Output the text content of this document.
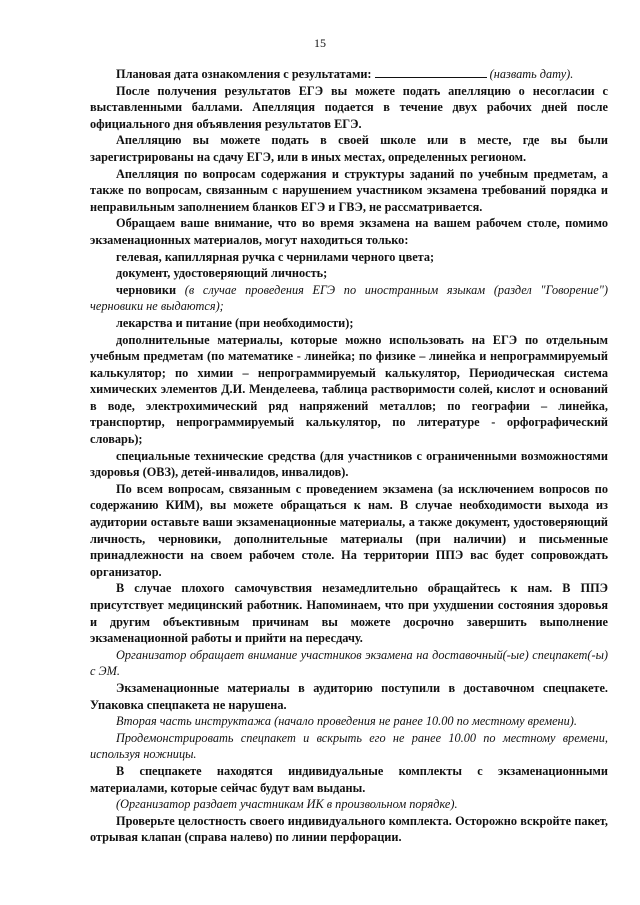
15

Плановая дата ознакомления с результатами:	(назвать дату).

После получения результатов ЕГЭ вы можете подать апелляцию о несогласии с выставленными баллами. Апелляция подается в течение двух рабочих дней после официального дня объявления результатов ЕГЭ.

Апелляцию вы можете подать в своей школе или в месте, где вы были зарегистрированы на сдачу ЕГЭ, или в иных местах, определенных регионом.

Апелляция по вопросам содержания и структуры заданий по учебным предметам, а также по вопросам, связанным с нарушением участником экзамена требований порядка и неправильным заполнением бланков ЕГЭ и ГВЭ, не рассматривается.

Обращаем ваше внимание, что во время экзамена на вашем рабочем столе, помимо экзаменационных материалов, могут находиться только:

гелевая, капиллярная ручка с чернилами черного цвета;

документ, удостоверяющий личность;

черновики (в случае проведения ЕГЭ по иностранным языкам (раздел "Говорение") черновики не выдаются);

лекарства и питание (при необходимости);

дополнительные материалы, которые можно использовать на ЕГЭ по отдельным учебным предметам (по математике - линейка; по физике – линейка и непрограммируемый калькулятор; по химии – непрограммируемый калькулятор, Периодическая система химических элементов Д.И. Менделеева, таблица растворимости солей, кислот и оснований в воде, электрохимический ряд напряжений металлов; по географии – линейка, транспортир, непрограммируемый калькулятор, по литературе - орфографический словарь);

специальные технические средства (для участников с ограниченными возможностями здоровья (ОВЗ), детей-инвалидов, инвалидов).

По всем вопросам, связанным с проведением экзамена (за исключением вопросов по содержанию КИМ), вы можете обращаться к нам. В случае необходимости выхода из аудитории оставьте ваши экзаменационные материалы, а также документ, удостоверяющий личность, черновики, дополнительные материалы (при наличии) и письменные принадлежности на своем рабочем столе. На территории ППЭ вас будет сопровождать организатор.

В случае плохого самочувствия незамедлительно обращайтесь к нам. В ППЭ присутствует медицинский работник. Напоминаем, что при ухудшении состояния здоровья и другим объективным причинам вы можете досрочно завершить выполнение экзаменационной работы и прийти на пересдачу.

Организатор обращает внимание участников экзамена на доставочный(-ые) спецпакет(-ы) с ЭМ.

Экзаменационные материалы в аудиторию поступили в доставочном спецпакете. Упаковка спецпакета не нарушена.

Вторая часть инструктажа (начало проведения не ранее 10.00 по местному времени).

Продемонстрировать спецпакет и вскрыть его не ранее 10.00 по местному времени, используя ножницы.

В спецпакете находятся индивидуальные комплекты с экзаменационными материалами, которые сейчас будут вам выданы.

(Организатор раздает участникам ИК в произвольном порядке).

Проверьте целостность своего индивидуального комплекта. Осторожно вскройте пакет, отрывая клапан (справа налево) по линии перфорации.
